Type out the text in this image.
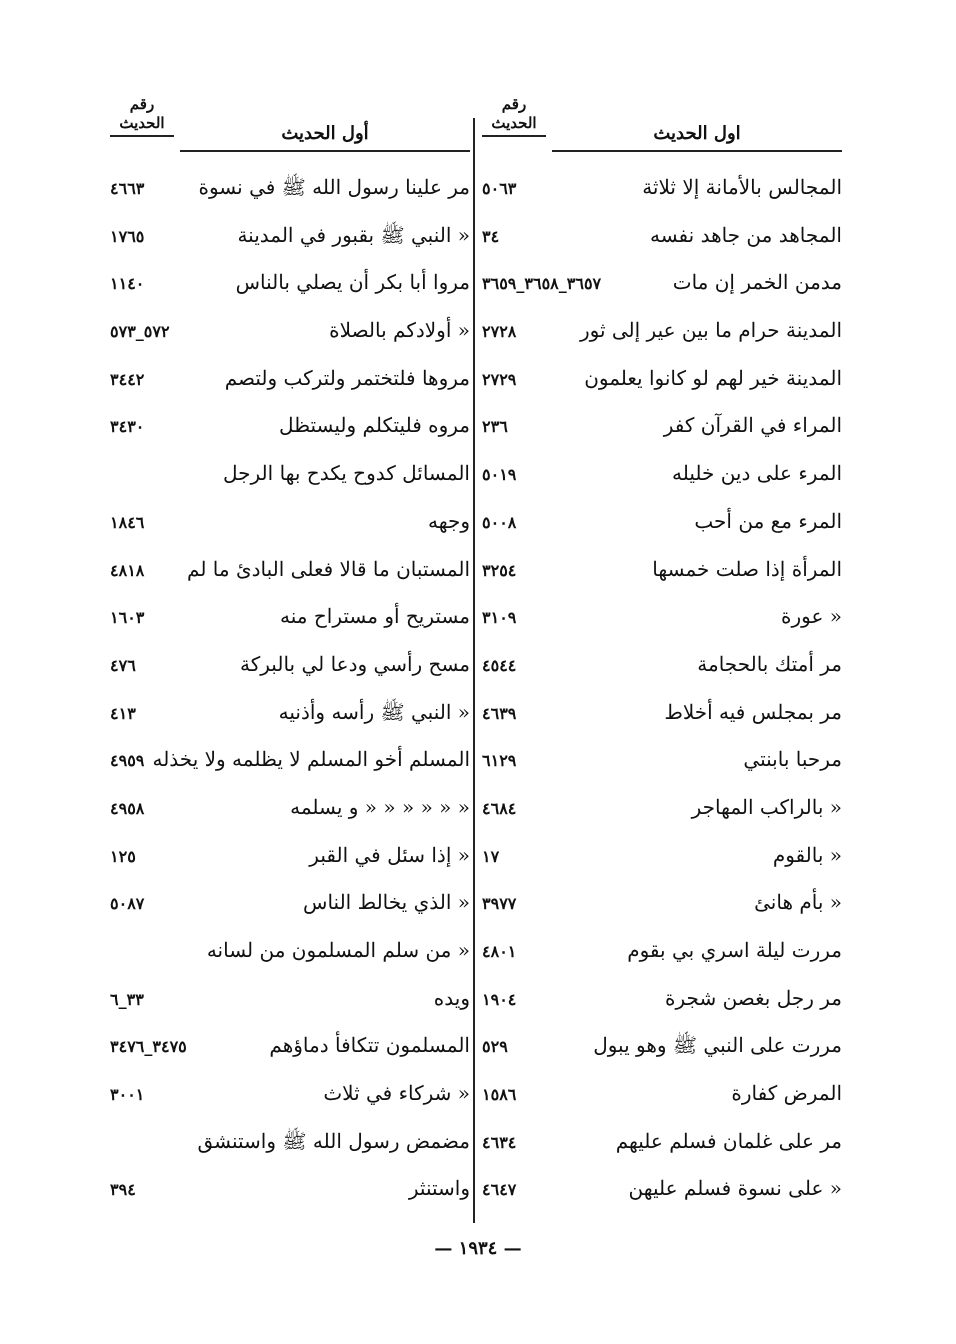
رقم
الحديث	اول الحديث
المجالس بالأمانة إلا ثلاثة
٥٠٦٣
المجاهد من جاهد نفسه
٣٤
مدمن الخمر إن مات
٣٦٥٧_٣٦٥٨_٣٦٥٩
المدينة حرام ما بين عير إلى ثور
٢٧٢٨
المدينة خير لهم لو كانوا يعلمون
٢٧٢٩
المراء في القرآن كفر
٢٣٦
المرء على دين خليله
٥٠١٩
المرء مع من أحب
٥٠٠٨
المرأة إذا صلت خمسها
٣٢٥٤
« عورة
٣١٠٩
مر أمتك بالحجامة
٤٥٤٤
مر بمجلس فيه أخلاط
٤٦٣٩
مرحبا بابنتي
٦١٢٩
« بالراكب المهاجر
٤٦٨٤
« بالقوم
١٧
« بأم هانئ
٣٩٧٧
مررت ليلة اسري بي بقوم
٤٨٠١
مر رجل بغصن شجرة
١٩٠٤
مررت على النبي ﷺ وهو يبول
٥٢٩
المرض كفارة
١٥٨٦
مر على غلمان فسلم عليهم
٤٦٣٤
« على نسوة فسلم عليهن
٤٦٤٧
رقم
الحديث	أول الحديث
مر علينا رسول الله ﷺ في نسوة
٤٦٦٣
« النبي ﷺ بقبور في المدينة
١٧٦٥
مروا أبا بكر أن يصلي بالناس
١١٤٠
« أولادكم بالصلاة
٥٧٢_٥٧٣
مروها فلتختمر ولتركب ولتصم
٣٤٤٢
مروه فليتكلم وليستظل
٣٤٣٠
المسائل كدوح يكدح بها الرجل
وجهه
١٨٤٦
المستبان ما قالا فعلى البادئ ما لم
٤٨١٨
مستريح أو مستراح منه
١٦٠٣
مسح رأسي ودعا لي بالبركة
٤٧٦
« النبي ﷺ رأسه وأذنيه
٤١٣
المسلم أخو المسلم لا يظلمه ولا يخذله
٤٩٥٩
« « « « « « و يسلمه
٤٩٥٨
« إذا سئل في القبر
١٢٥
« الذي يخالط الناس
٥٠٨٧
« من سلم المسلمون من لسانه
ويده
٣٣_٦
المسلمون تتكافأ دماؤهم
٣٤٧٥_٣٤٧٦
« شركاء في ثلاث
٣٠٠١
مضمض رسول الله ﷺ واستنشق
واستنثر
٣٩٤
— ١٩٣٤ —
